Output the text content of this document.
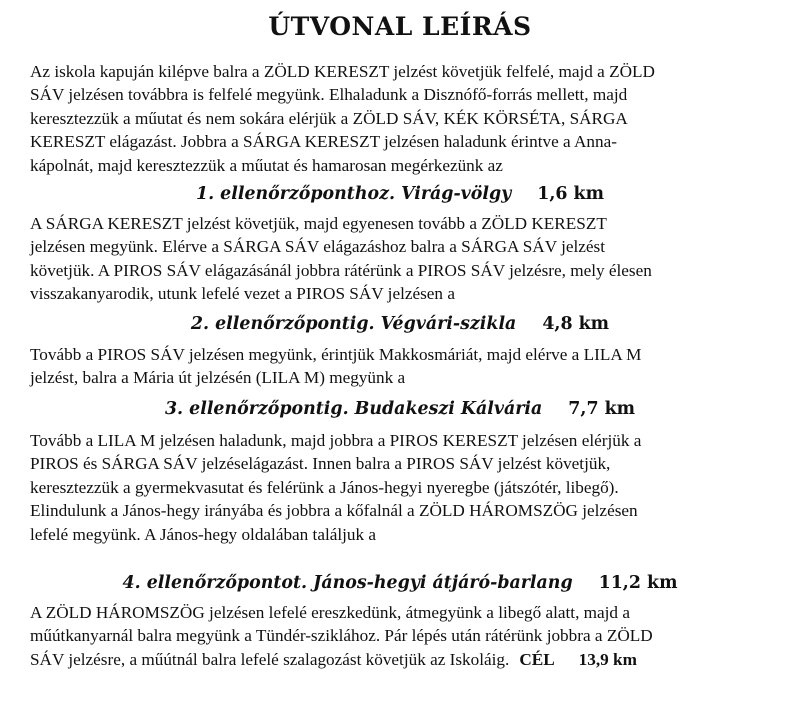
ÚTVONAL LEÍRÁS

Az iskola kapuján kilépve balra a ZÖLD KERESZT jelzést követjük felfelé, majd a ZÖLD
SÁV jelzésen továbbra is felfelé megyünk. Elhaladunk a Disznófő-forrás mellett, majd
keresztezzük a műutat és nem sokára elérjük a ZÖLD SÁV, KÉK KÖRSÉTA, SÁRGA
KERESZT elágazást. Jobbra a SÁRGA KERESZT jelzésen haladunk érintve a Anna-
kápolnát, majd keresztezzük a műutat és hamarosan megérkezünk az

1. ellenőrzőponthoz. Virág-völgy 1,6 km

A SÁRGA KERESZT jelzést követjük, majd egyenesen tovább a ZÖLD KERESZT
jelzésen megyünk. Elérve a SÁRGA SÁV elágazáshoz balra a SÁRGA SÁV jelzést
követjük. A PIROS SÁV elágazásánál jobbra rátérünk a PIROS SÁV jelzésre, mely élesen
visszakanyarodik, utunk lefelé vezet a PIROS SÁV jelzésen a

2. ellenőrzőpontig. Végvári-szikla 4,8 km

Tovább a PIROS SÁV jelzésen megyünk, érintjük Makkosmáriát, majd elérve a LILA M
jelzést, balra a Mária út jelzésén (LILA M) megyünk a

3. ellenőrzőpontig. Budakeszi Kálvária 7,7 km

Tovább a LILA M jelzésen haladunk, majd jobbra a PIROS KERESZT jelzésen elérjük a
PIROS és SÁRGA SÁV jelzéselágazást. Innen balra a PIROS SÁV jelzést követjük,
keresztezzük a gyermekvasutat és felérünk a János-hegyi nyeregbe (játszótér, libegő).
Elindulunk a János-hegy irányába és jobbra a kőfalnál a ZÖLD HÁROMSZÖG jelzésen
lefelé megyünk. A János-hegy oldalában találjuk a

4. ellenőrzőpontot. János-hegyi átjáró-barlang 11,2 km

A ZÖLD HÁROMSZÖG jelzésen lefelé ereszkedünk, átmegyünk a libegő alatt, majd a
műútkanyarnál balra megyünk a Tündér-sziklához. Pár lépés után rátérünk jobbra a ZÖLD
SÁV jelzésre, a műútnál balra lefelé szalagozást követjük az Iskoláig. CÉL 13,9 km
